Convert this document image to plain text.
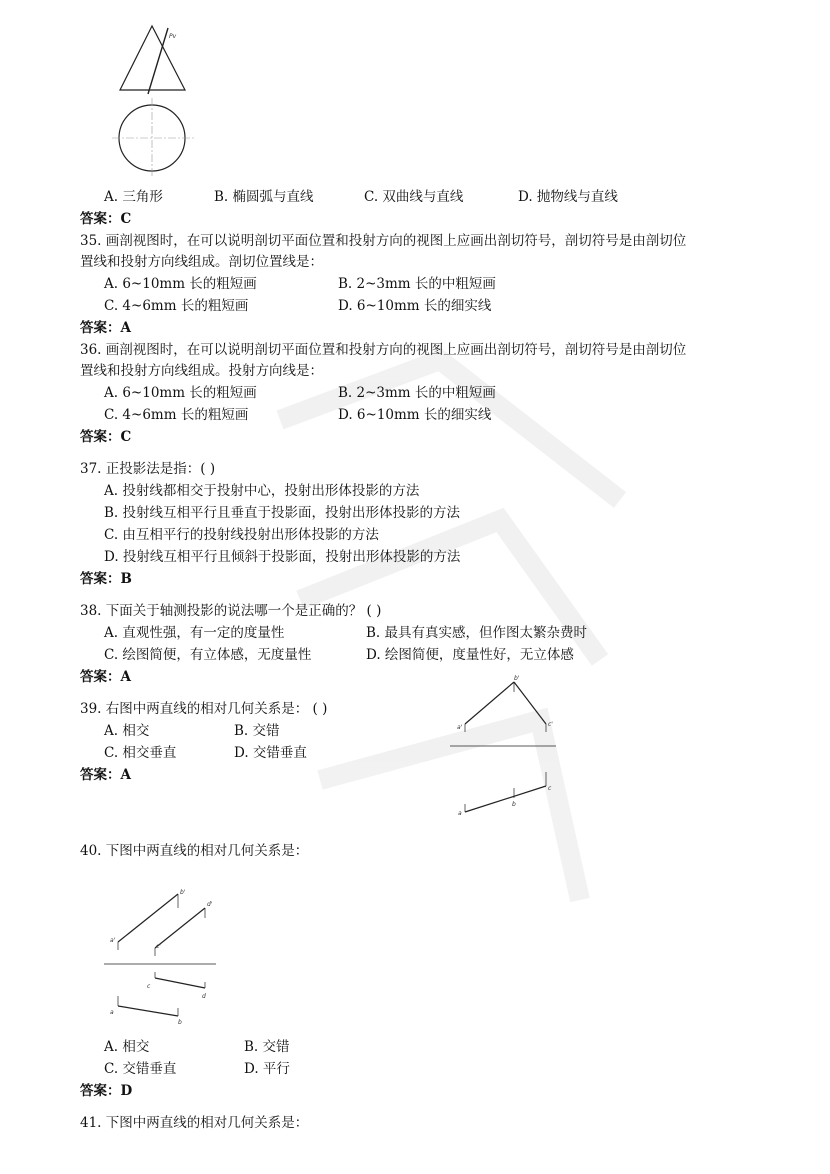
Pv
A. 三角形	B. 椭圆弧与直线	C. 双曲线与直线	D. 抛物线与直线
答案：C
35. 画剖视图时，在可以说明剖切平面位置和投射方向的视图上应画出剖切符号，剖切符号是由剖切位
置线和投射方向线组成。剖切位置线是：
A. 6~10mm 长的粗短画	B. 2~3mm 长的中粗短画
C. 4~6mm 长的粗短画	D. 6~10mm 长的细实线
答案：A
36. 画剖视图时，在可以说明剖切平面位置和投射方向的视图上应画出剖切符号，剖切符号是由剖切位
置线和投射方向线组成。投射方向线是：
A. 6~10mm 长的粗短画	B. 2~3mm 长的中粗短画
C. 4~6mm 长的粗短画	D. 6~10mm 长的细实线
答案：C
37. 正投影法是指：( )
A. 投射线都相交于投射中心，投射出形体投影的方法
B. 投射线互相平行且垂直于投影面，投射出形体投影的方法
C. 由互相平行的投射线投射出形体投影的方法
D. 投射线互相平行且倾斜于投影面，投射出形体投影的方法
答案：B
38. 下面关于轴测投影的说法哪一个是正确的？ ( )
A. 直观性强，有一定的度量性	B. 最具有真实感，但作图太繁杂费时
C. 绘图简便，有立体感，无度量性	D. 绘图简便，度量性好，无立体感
答案：A
39. 右图中两直线的相对几何关系是： ( )
A. 相交	B. 交错
C. 相交垂直	D. 交错垂直
答案：A
b'
a'	c'
a
b
c
40. 下图中两直线的相对几何关系是：
b'
d'
a'
c'
c
d
a
b
A. 相交	B. 交错
C. 交错垂直	D. 平行
答案：D
41. 下图中两直线的相对几何关系是：
